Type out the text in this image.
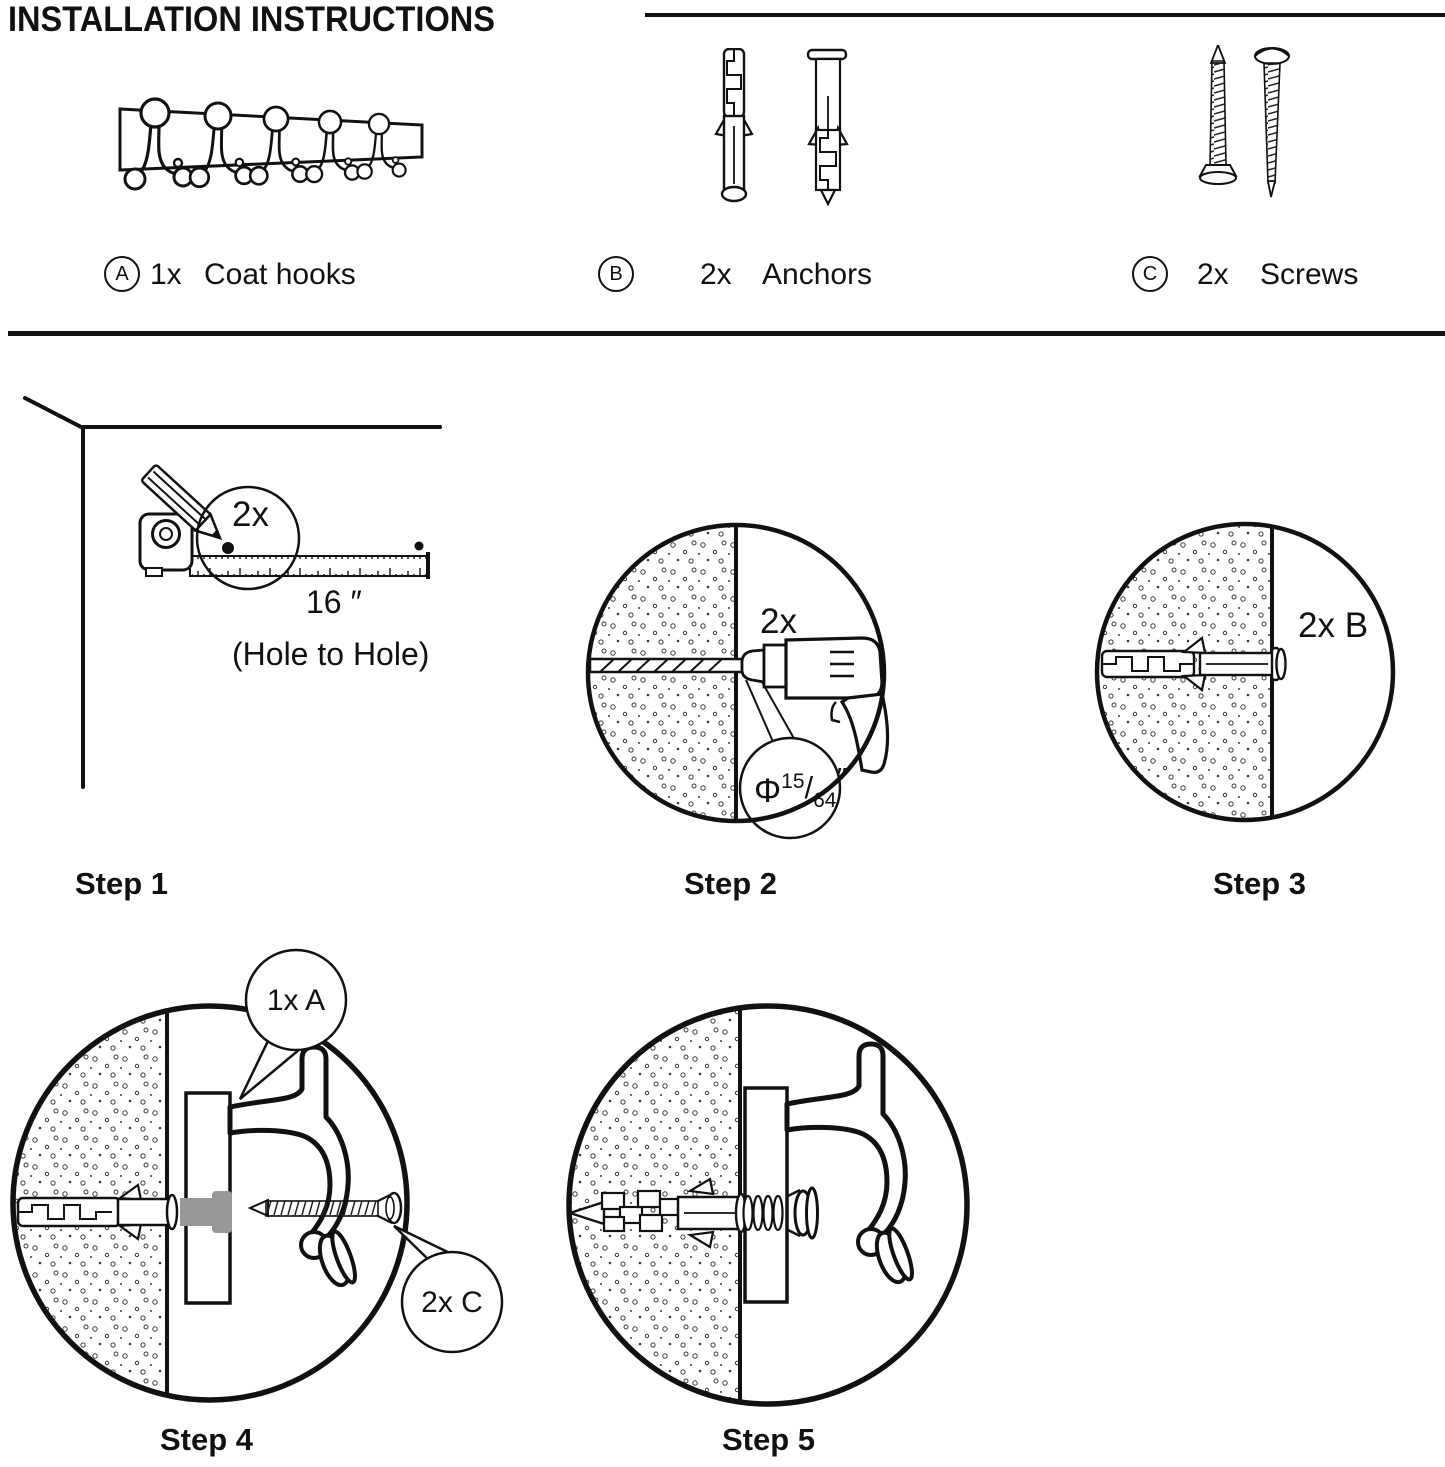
INSTALLATION INSTRUCTIONS
A 1x Coat hooks	B	2x Anchors	C 2x Screws
2x
16 ″
(Hole to Hole)
2x
$\Phi^{15}/_{64}''$
2x B
1x A
2x C
Step 1	Step 2	Step 3
Step 4	Step 5
